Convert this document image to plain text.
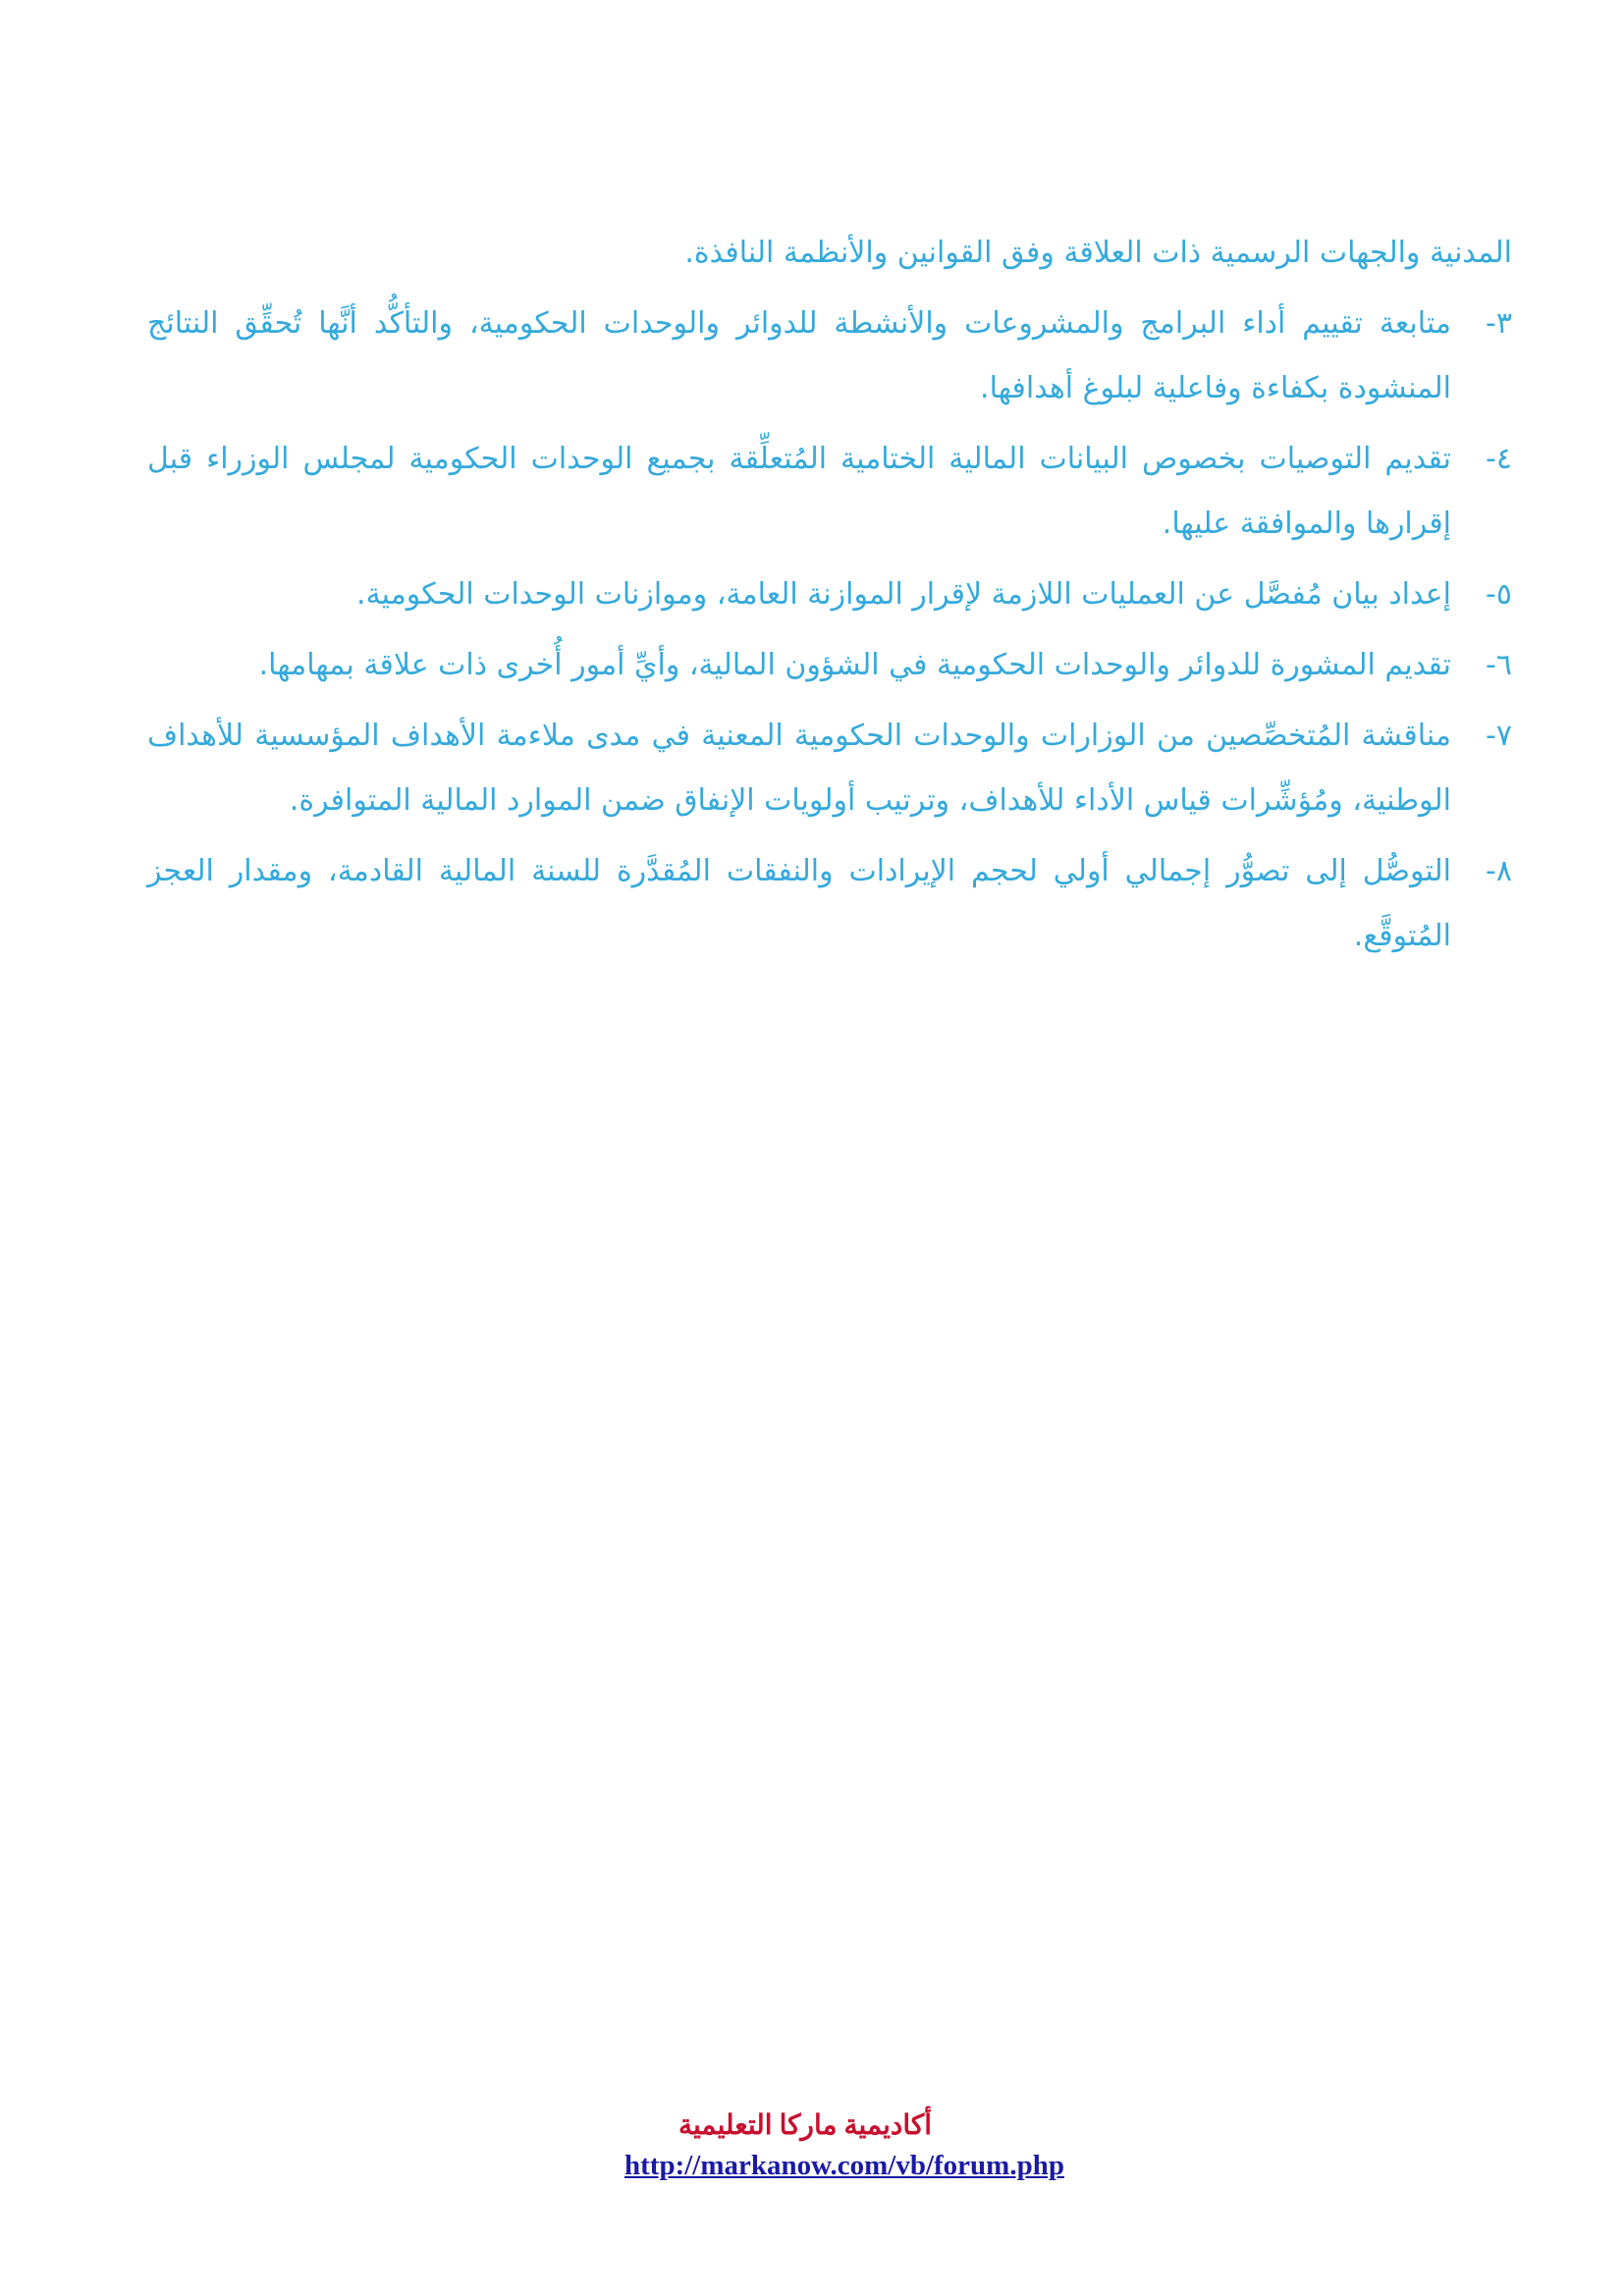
المدنية والجهات الرسمية ذات العلاقة وفق القوانين والأنظمة النافذة.

٣-
متابعة تقييم أداء البرامج والمشروعات والأنشطة للدوائر والوحدات الحكومية، والتأكُّد أنَّها تُحقِّق النتائج المنشودة بكفاءة وفاعلية لبلوغ أهدافها.
٤-
تقديم التوصيات بخصوص البيانات المالية الختامية المُتعلِّقة بجميع الوحدات الحكومية لمجلس الوزراء قبل إقرارها والموافقة عليها.
٥-
إعداد بيان مُفصَّل عن العمليات اللازمة لإقرار الموازنة العامة، وموازنات الوحدات الحكومية.
٦-
تقديم المشورة للدوائر والوحدات الحكومية في الشؤون المالية، وأيِّ أمور أُخرى ذات علاقة بمهامها.
٧-
مناقشة المُتخصِّصين من الوزارات والوحدات الحكومية المعنية في مدى ملاءمة الأهداف المؤسسية للأهداف الوطنية، ومُؤشِّرات قياس الأداء للأهداف، وترتيب أولويات الإنفاق ضمن الموارد المالية المتوافرة.
٨-
التوصُّل إلى تصوُّر إجمالي أولي لحجم الإيرادات والنفقات المُقدَّرة للسنة المالية القادمة، ومقدار العجز المُتوقَّع.
أكاديمية ماركا التعليمية
http://markanow.com/vb/forum.php
